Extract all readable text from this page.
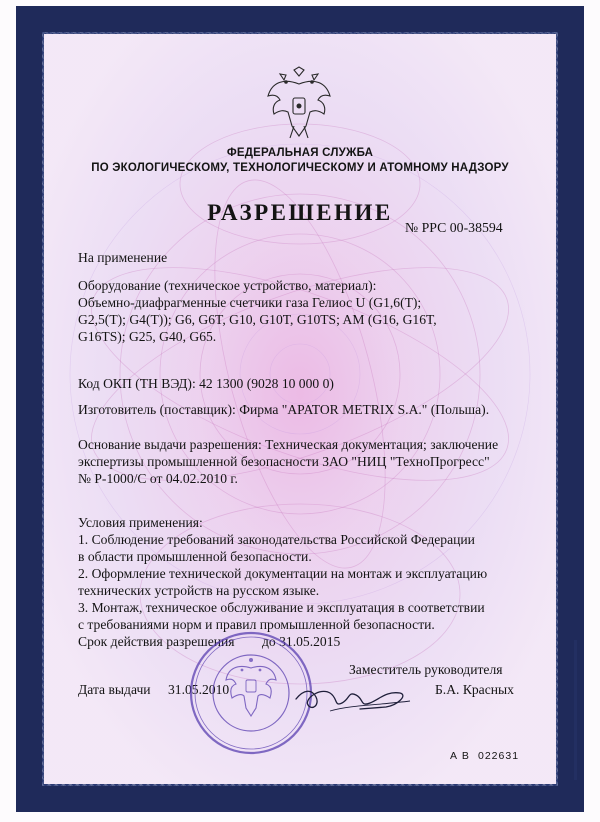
ФЕДЕРАЛЬНАЯ СЛУЖБА
ПО ЭКОЛОГИЧЕСКОМУ, ТЕХНОЛОГИЧЕСКОМУ И АТОМНОМУ НАДЗОРУ
РАЗРЕШЕНИЕ
№ РРС 00-38594
На применение
Оборудование (техническое устройство, материал):
Объемно-диафрагменные счетчики газа Гелиос U (G1,6(T);
G2,5(T); G4(T)); G6, G6T, G10, G10T, G10TS; AM (G16, G16T,
G16TS); G25, G40, G65.
Код ОКП (ТН ВЭД): 42 1300 (9028 10 000 0)
Изготовитель (поставщик): Фирма "APATOR METRIX S.A." (Польша).
Основание выдачи разрешения: Техническая документация; заключение
экспертизы промышленной безопасности ЗАО "НИЦ "ТехноПрогресс"
№ Р-1000/С от 04.02.2010 г.
Условия применения:
1. Соблюдение требований законодательства Российской Федерации
в области промышленной безопасности.
2. Оформление технической документации на монтаж и эксплуатацию
технических устройств на русском языке.
3. Монтаж, техническое обслуживание и эксплуатация в соответствии
с требованиями норм и правил промышленной безопасности.
Срок действия разрешения до 31.05.2015
Заместитель руководителя
Б.А. Красных
Дата выдачи 31.05.2010
А В 022631
